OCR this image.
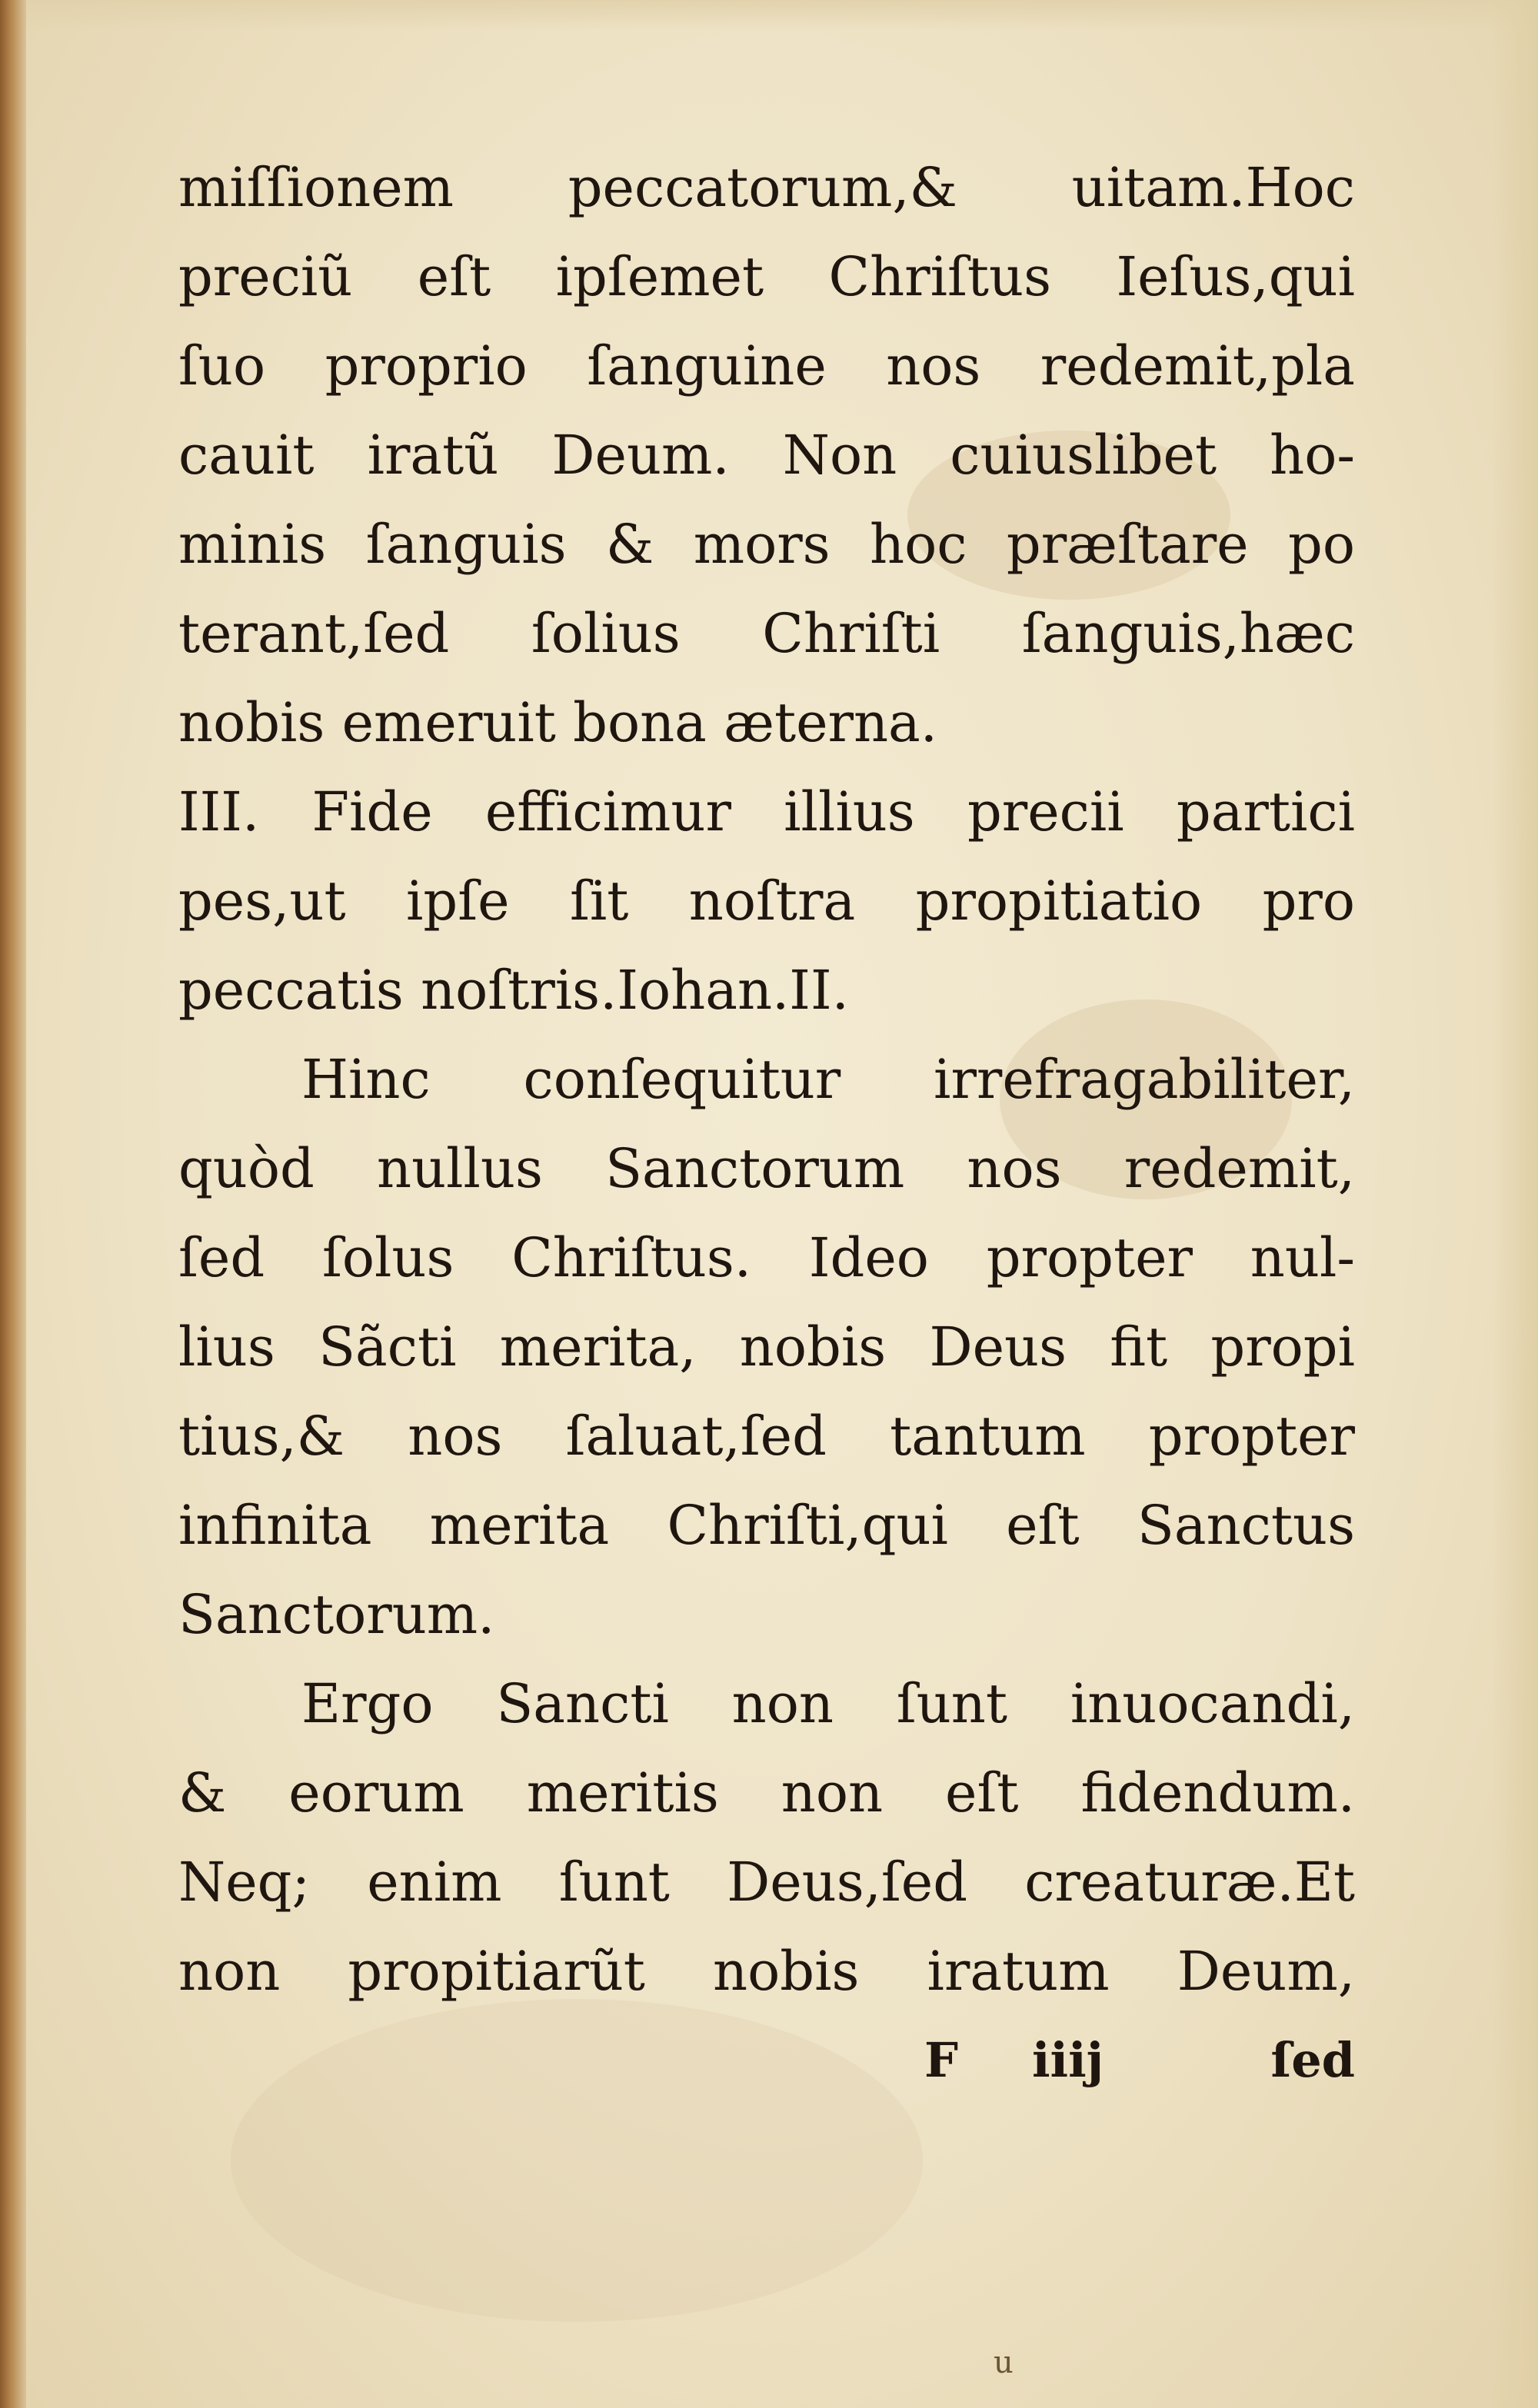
miſſionem peccatorum,& uitam.Hoc
preciũ eſt ipſemet Chriſtus Ieſus,qui
ſuo proprio ſanguine nos redemit,pla
cauit iratũ Deum. Non cuiuslibet ho-
minis ſanguis & mors hoc præſtare po
terant,ſed ſolius Chriſti ſanguis,hæc
nobis emeruit bona æterna.
III. Fide efficimur illius precii partici
pes,ut ipſe ſit noſtra propitiatio pro
peccatis noſtris.Iohan.II.
Hinc conſequitur irrefragabiliter,
quòd nullus Sanctorum nos redemit,
ſed ſolus Chriſtus. Ideo propter nul-
lius Sãcti merita, nobis Deus fit propi
tius,& nos ſaluat,ſed tantum propter
infinita merita Chriſti,qui eſt Sanctus
Sanctorum.
Ergo Sancti non ſunt inuocandi,
& eorum meritis non eſt fidendum.
Neq; enim ſunt Deus,ſed creaturæ.Et
non propitiarũt nobis iratum Deum,
F iiij	ſed
u
